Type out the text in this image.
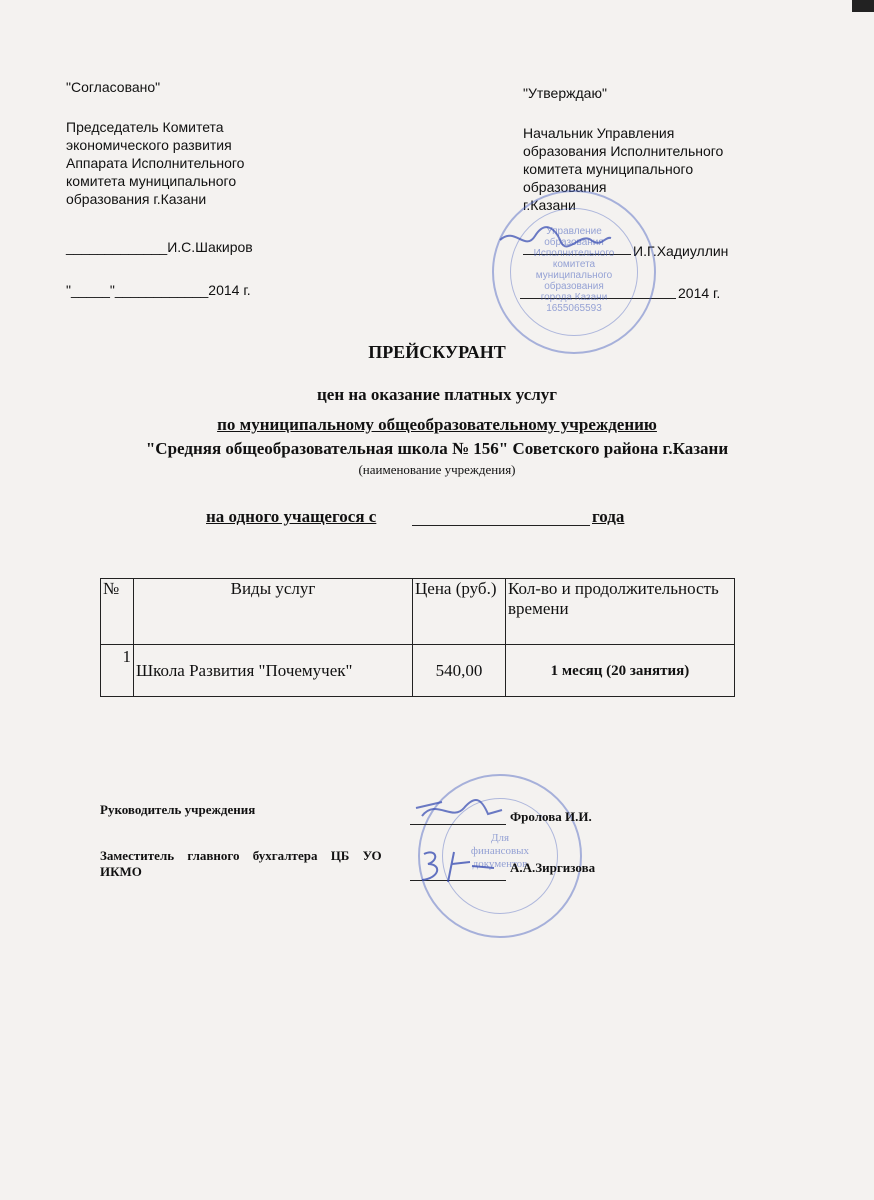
"Согласовано"
Председатель Комитета
экономического развития
Аппарата Исполнительного
комитета муниципального
образования г.Казани
_____________И.С.Шакиров
"_____"____________2014 г.
"Утверждаю"
Начальник Управления
образования Исполнительного
комитета муниципального
образования
г.Казани
И.Г.Хадиуллин
2014 г.
Управление
образования
Исполнительного
комитета
муниципального
образования
города Казани
1655065593
ПРЕЙСКУРАНТ
цен на оказание платных услуг
по муниципальному общеобразовательному учреждению
"Средняя общеобразовательная школа № 156" Советского района г.Казани
(наименование учреждения)
на одного учащегося с	года
№	Виды услуг	Цена (руб.)	Кол-во и продолжительность времени
1	Школа Развития "Почемучек"	540,00	1 месяц (20 занятия)
Для
финансовых
документов
Руководитель учреждения	Фролова И.И.
Заместитель главного бухгалтера ЦБ УО
ИКМО	А.А.Зиргизова
